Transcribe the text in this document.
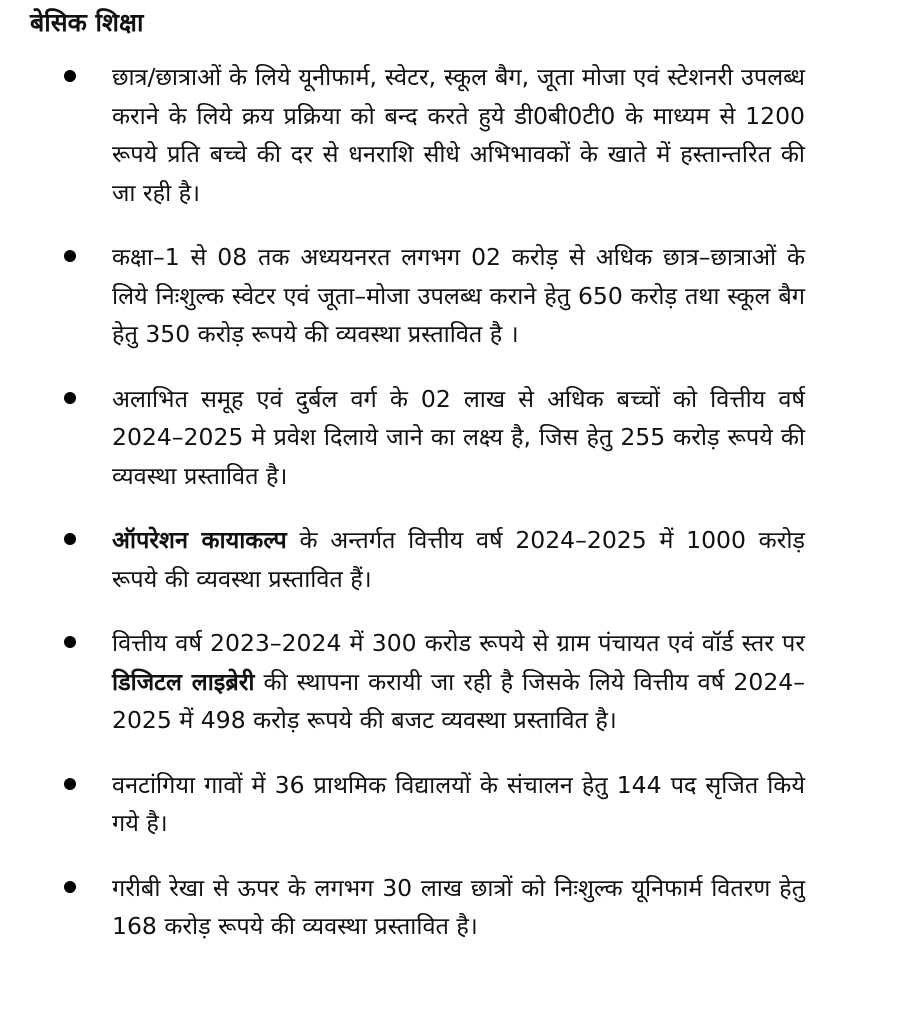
बेसिक शिक्षा
छात्र/छात्राओं के लिये यूनीफार्म, स्वेटर, स्कूल बैग, जूता मोजा एवं स्टेशनरी उपलब्ध कराने के लिये क्रय प्रक्रिया को बन्द करते हुये डी0बी0टी0 के माध्यम से 1200 रूपये प्रति बच्चे की दर से धनराशि सीधे अभिभावकों के खाते में हस्तान्तरित की जा रही है।
कक्षा–1 से 08 तक अध्ययनरत लगभग 02 करोड़ से अधिक छात्र–छात्राओं के लिये निःशुल्क स्वेटर एवं जूता–मोजा उपलब्ध कराने हेतु 650 करोड़ तथा स्कूल बैग हेतु 350 करोड़ रूपये की व्यवस्था प्रस्तावित है ।
अलाभित समूह एवं दुर्बल वर्ग के 02 लाख से अधिक बच्चों को वित्तीय वर्ष 2024–2025 मे प्रवेश दिलाये जाने का लक्ष्य है, जिस हेतु 255 करोड़ रूपये की व्यवस्था प्रस्तावित है।
ऑपरेशन कायाकल्प के अन्तर्गत वित्तीय वर्ष 2024–2025 में 1000 करोड़ रूपये की व्यवस्था प्रस्तावित हैं।
वित्तीय वर्ष 2023–2024 में 300 करोड रूपये से ग्राम पंचायत एवं वॉर्ड स्तर पर डिजिटल लाइब्रेरी की स्थापना करायी जा रही है जिसके लिये वित्तीय वर्ष 2024–2025 में 498 करोड़ रूपये की बजट व्यवस्था प्रस्तावित है।
वनटांगिया गावों में 36 प्राथमिक विद्यालयों के संचालन हेतु 144 पद सृजित किये गये है।
गरीबी रेखा से ऊपर के लगभग 30 लाख छात्रों को निःशुल्क यूनिफार्म वितरण हेतु 168 करोड़ रूपये की व्यवस्था प्रस्तावित है।
